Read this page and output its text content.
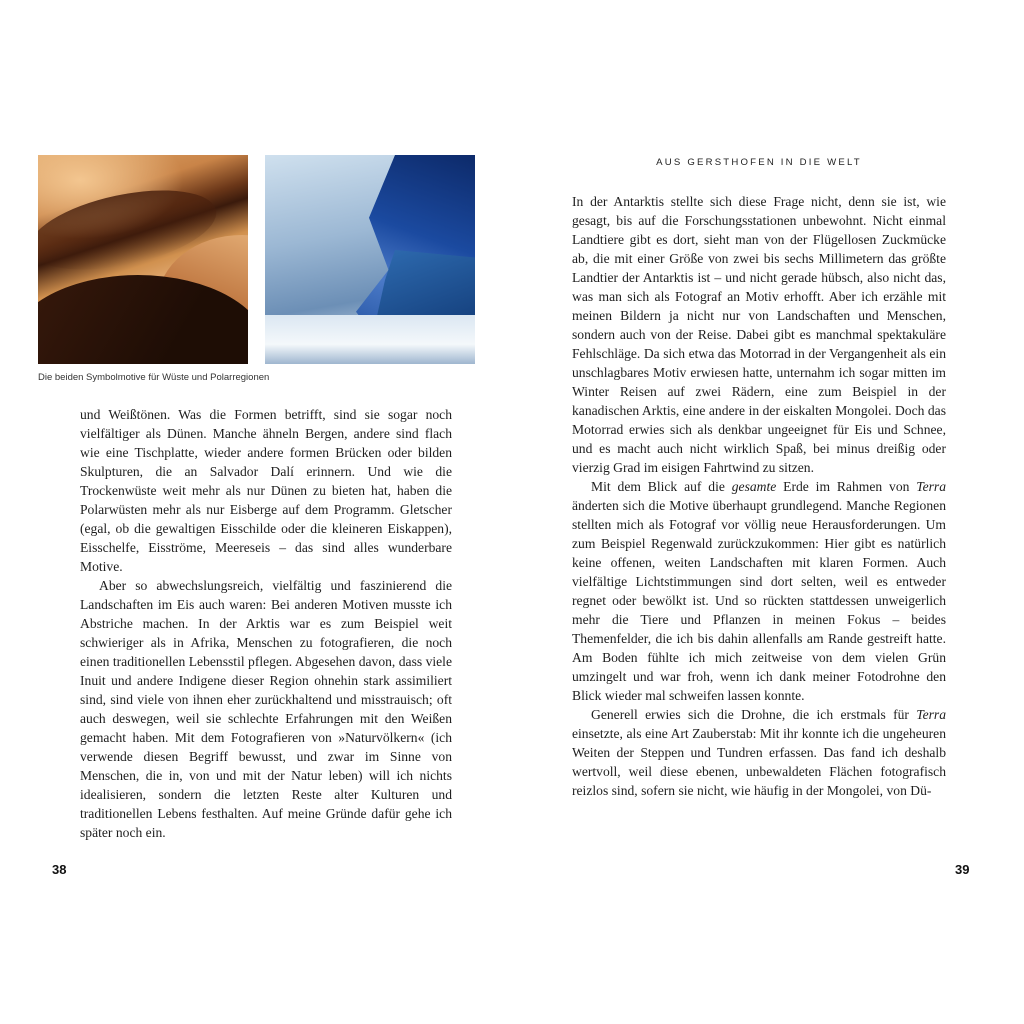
Die beiden Symbolmotive für Wüste und Polarregionen

und Weißtönen. Was die Formen betrifft, sind sie sogar noch vielfältiger als Dünen. Manche ähneln Bergen, andere sind flach wie eine Tischplatte, wieder andere formen Brücken oder bilden Skulpturen, die an Salvador Dalí erinnern. Und wie die Trockenwüste weit mehr als nur Dünen zu bieten hat, haben die Polarwüsten mehr als nur Eisberge auf dem Programm. Gletscher (egal, ob die gewaltigen Eisschilde oder die kleineren Eiskappen), Eisschelfe, Eisströme, Meereseis – das sind alles wunderbare Motive.

Aber so abwechslungsreich, vielfältig und faszinierend die Landschaften im Eis auch waren: Bei anderen Motiven musste ich Abstriche machen. In der Arktis war es zum Beispiel weit schwieriger als in Afrika, Menschen zu fotografieren, die noch einen traditionellen Lebensstil pflegen. Abgesehen davon, dass viele Inuit und andere Indigene dieser Region ohnehin stark assimiliert sind, sind viele von ihnen eher zurückhaltend und misstrauisch; oft auch deswegen, weil sie schlechte Erfahrungen mit den Weißen gemacht haben. Mit dem Fotografieren von »Naturvölkern« (ich verwende diesen Begriff bewusst, und zwar im Sinne von Menschen, die in, von und mit der Natur leben) will ich nichts idealisieren, sondern die letzten Reste alter Kulturen und traditionellen Lebens festhalten. Auf meine Gründe dafür gehe ich später noch ein.

38
AUS GERSTHOFEN IN DIE WELT

In der Antarktis stellte sich diese Frage nicht, denn sie ist, wie gesagt, bis auf die Forschungsstationen unbewohnt. Nicht einmal Landtiere gibt es dort, sieht man von der Flügellosen Zuckmücke ab, die mit einer Größe von zwei bis sechs Millimetern das größte Landtier der Antarktis ist – und nicht gerade hübsch, also nicht das, was man sich als Fotograf an Motiv erhofft. Aber ich erzähle mit meinen Bildern ja nicht nur von Landschaften und Menschen, sondern auch von der Reise. Dabei gibt es manchmal spektakuläre Fehlschläge. Da sich etwa das Motorrad in der Vergangenheit als ein unschlagbares Motiv erwiesen hatte, unternahm ich sogar mitten im Winter Reisen auf zwei Rädern, eine zum Beispiel in der kanadischen Arktis, eine andere in der eiskalten Mongolei. Doch das Motorrad erwies sich als denkbar ungeeignet für Eis und Schnee, und es macht auch nicht wirklich Spaß, bei minus dreißig oder vierzig Grad im eisigen Fahrtwind zu sitzen.

Mit dem Blick auf die gesamte Erde im Rahmen von Terra änderten sich die Motive überhaupt grundlegend. Manche Regionen stellten mich als Fotograf vor völlig neue Herausforderungen. Um zum Beispiel Regenwald zurückzukommen: Hier gibt es natürlich keine offenen, weiten Landschaften mit klaren Formen. Auch vielfältige Lichtstimmungen sind dort selten, weil es entweder regnet oder bewölkt ist. Und so rückten stattdessen unweigerlich mehr die Tiere und Pflanzen in meinen Fokus – beides Themenfelder, die ich bis dahin allenfalls am Rande gestreift hatte. Am Boden fühlte ich mich zeitweise von dem vielen Grün umzingelt und war froh, wenn ich dank meiner Fotodrohne den Blick wieder mal schweifen lassen konnte.

Generell erwies sich die Drohne, die ich erstmals für Terra einsetzte, als eine Art Zauberstab: Mit ihr konnte ich die ungeheuren Weiten der Steppen und Tundren erfassen. Das fand ich deshalb wertvoll, weil diese ebenen, unbewaldeten Flächen fotografisch reizlos sind, sofern sie nicht, wie häufig in der Mongolei, von Dü-

39
